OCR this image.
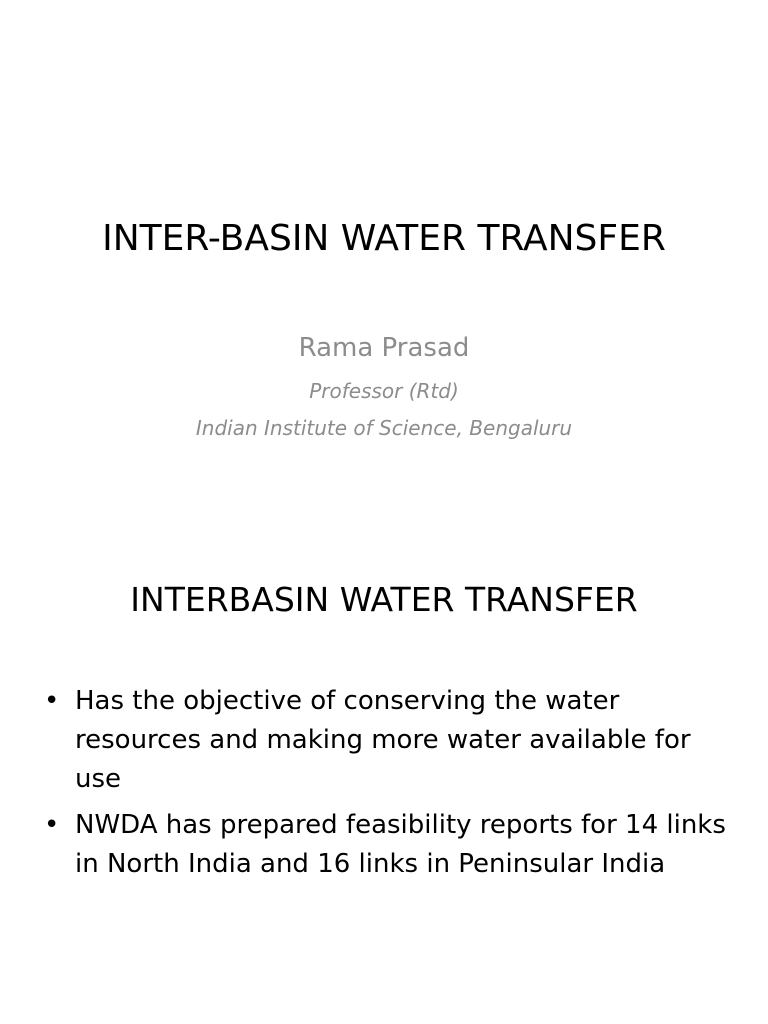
INTER-BASIN WATER TRANSFER
Rama Prasad
Professor (Rtd)
Indian Institute of Science, Bengaluru
INTERBASIN WATER TRANSFER
• Has the objective of conserving the water resources and making more water available for use
• NWDA has prepared feasibility reports for 14 links in North India and 16 links in Peninsular India
